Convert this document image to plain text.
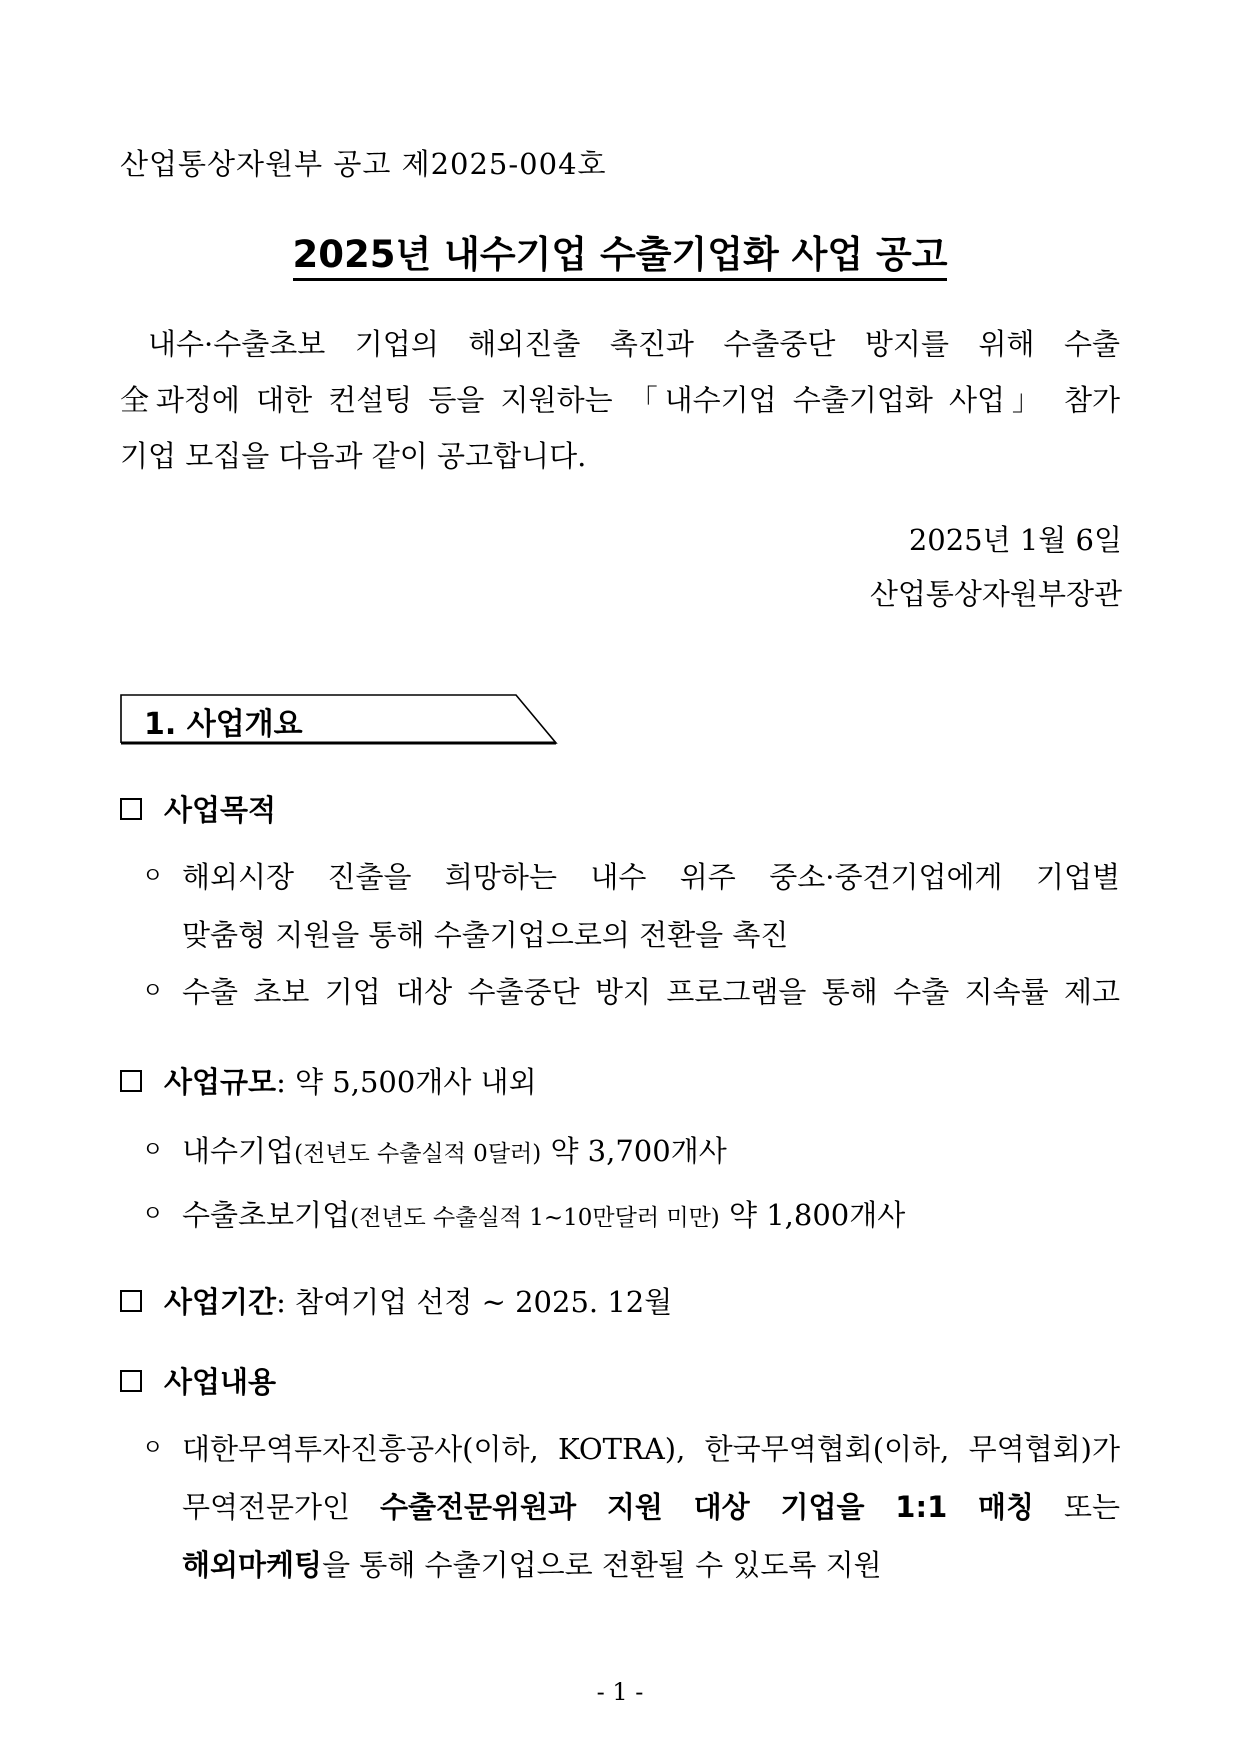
산업통상자원부 공고 제2025-004호
2025년 내수기업 수출기업화 사업 공고
내수·수출초보 기업의 해외진출 촉진과 수출중단 방지를 위해 수출
全과정에 대한 컨설팅 등을 지원하는 「내수기업 수출기업화 사업」 참가
기업 모집을 다음과 같이 공고합니다.
2025년 1월 6일
산업통상자원부장관
1. 사업개요
사업목적
ㅇ 해외시장 진출을 희망하는 내수 위주 중소·중견기업에게 기업별
맞춤형 지원을 통해 수출기업으로의 전환을 촉진
ㅇ 수출 초보 기업 대상 수출중단 방지 프로그램을 통해 수출 지속률 제고
사업규모 : 약 5,500개사 내외
ㅇ 내수기업(전년도 수출실적 0달러) 약 3,700개사
ㅇ 수출초보기업(전년도 수출실적 1~10만달러 미만) 약 1,800개사
사업기간 : 참여기업 선정 ~ 2025. 12월
사업내용
ㅇ 대한무역투자진흥공사(이하, KOTRA), 한국무역협회(이하, 무역협회)가
무역전문가인 수출전문위원과 지원 대상 기업을 1:1 매칭 또는
해외마케팅을 통해 수출기업으로 전환될 수 있도록 지원
- 1 -
